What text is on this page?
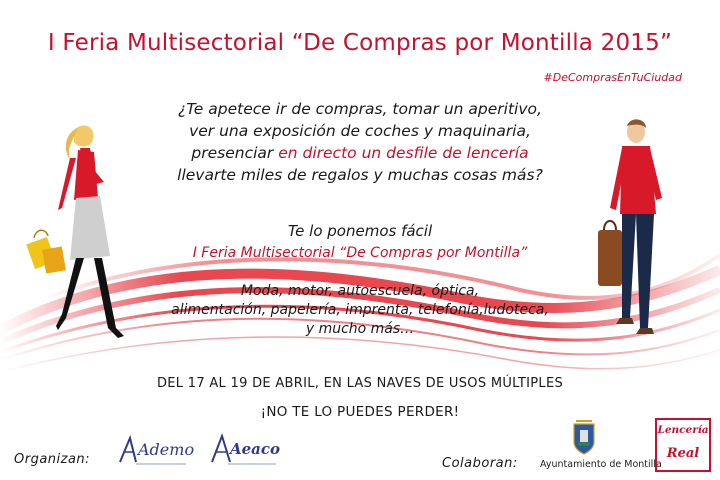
I Feria Multisectorial “De Compras por Montilla 2015”
#DeComprasEnTuCiudad
¿Te apetece ir de compras, tomar un aperitivo,
ver una exposición de coches y maquinaria,
presenciar en directo un desfile de lencería
llevarte miles de regalos y muchas cosas más?
Te lo ponemos fácil
I Feria Multisectorial “De Compras por Montilla”
Moda, motor, autoescuela, óptica,
alimentación, papelería, imprenta, telefonía,ludoteca,
y mucho más…
DEL 17 AL 19 DE ABRIL, EN LAS NAVES DE USOS MÚLTIPLES
¡NO TE LO PUEDES PERDER!
Organizan:
Ademo Aeaco
Colaboran: Ayuntamiento de Montilla
Lencería
Real
